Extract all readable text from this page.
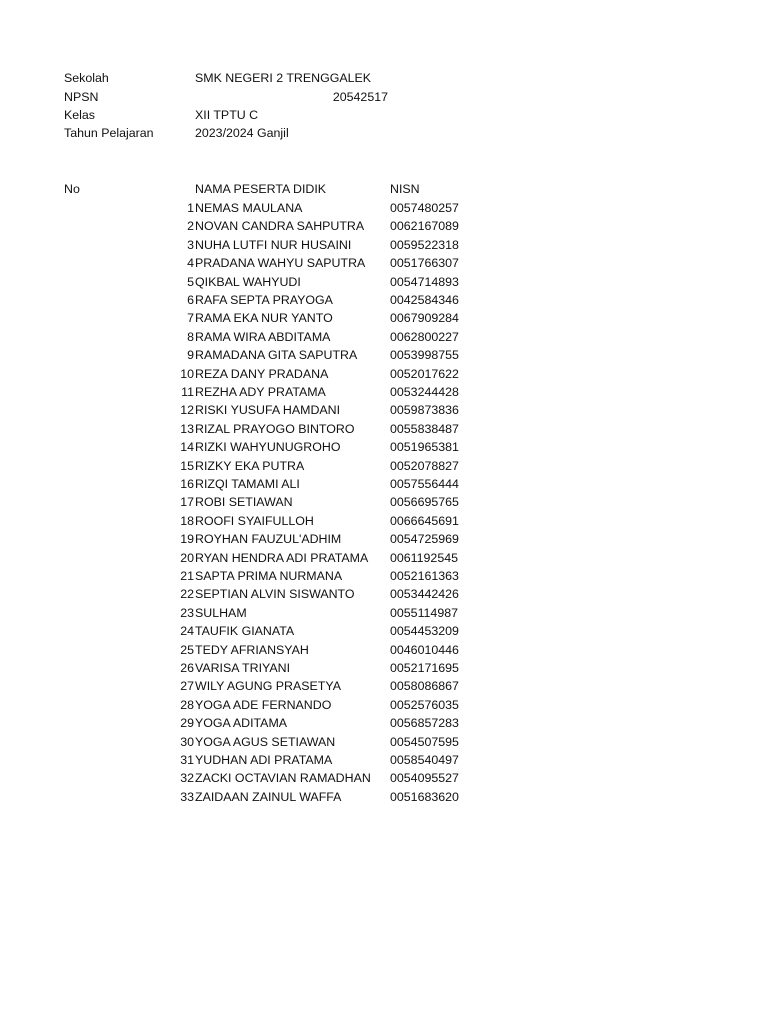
Sekolah	SMK NEGERI 2 TRENGGALEK
NPSN	20542517
Kelas	XII TPTU C
Tahun Pelajaran	2023/2024 Ganjil
No	NAMA PESERTA DIDIK	NISN
1 NEMAS MAULANA	0057480257
2 NOVAN CANDRA SAHPUTRA 0062167089
3 NUHA LUTFI NUR HUSAINI	0059522318
4 PRADANA WAHYU SAPUTRA 0051766307
5 QIKBAL WAHYUDI	0054714893
6 RAFA SEPTA PRAYOGA	0042584346
7 RAMA EKA NUR YANTO	0067909284
8 RAMA WIRA ABDITAMA	0062800227
9 RAMADANA GITA SAPUTRA	0053998755
10 REZA DANY PRADANA	0052017622
11 REZHA ADY PRATAMA	0053244428
12 RISKI YUSUFA HAMDANI	0059873836
13 RIZAL PRAYOGO BINTORO	0055838487
14 RIZKI WAHYUNUGROHO	0051965381
15 RIZKY EKA PUTRA	0052078827
16 RIZQI TAMAMI ALI	0057556444
17 ROBI SETIAWAN	0056695765
18 ROOFI SYAIFULLOH	0066645691
19 ROYHAN FAUZUL'ADHIM	0054725969
20 RYAN HENDRA ADI PRATAMA 0061192545
21 SAPTA PRIMA NURMANA	0052161363
22 SEPTIAN ALVIN SISWANTO	0053442426
23 SULHAM	0055114987
24 TAUFIK GIANATA	0054453209
25 TEDY AFRIANSYAH	0046010446
26 VARISA TRIYANI	0052171695
27 WILY AGUNG PRASETYA	0058086867
28 YOGA ADE FERNANDO	0052576035
29 YOGA ADITAMA	0056857283
30 YOGA AGUS SETIAWAN	0054507595
31 YUDHAN ADI PRATAMA	0058540497
32 ZACKI OCTAVIAN RAMADHAN 0054095527
33 ZAIDAAN ZAINUL WAFFA	0051683620
